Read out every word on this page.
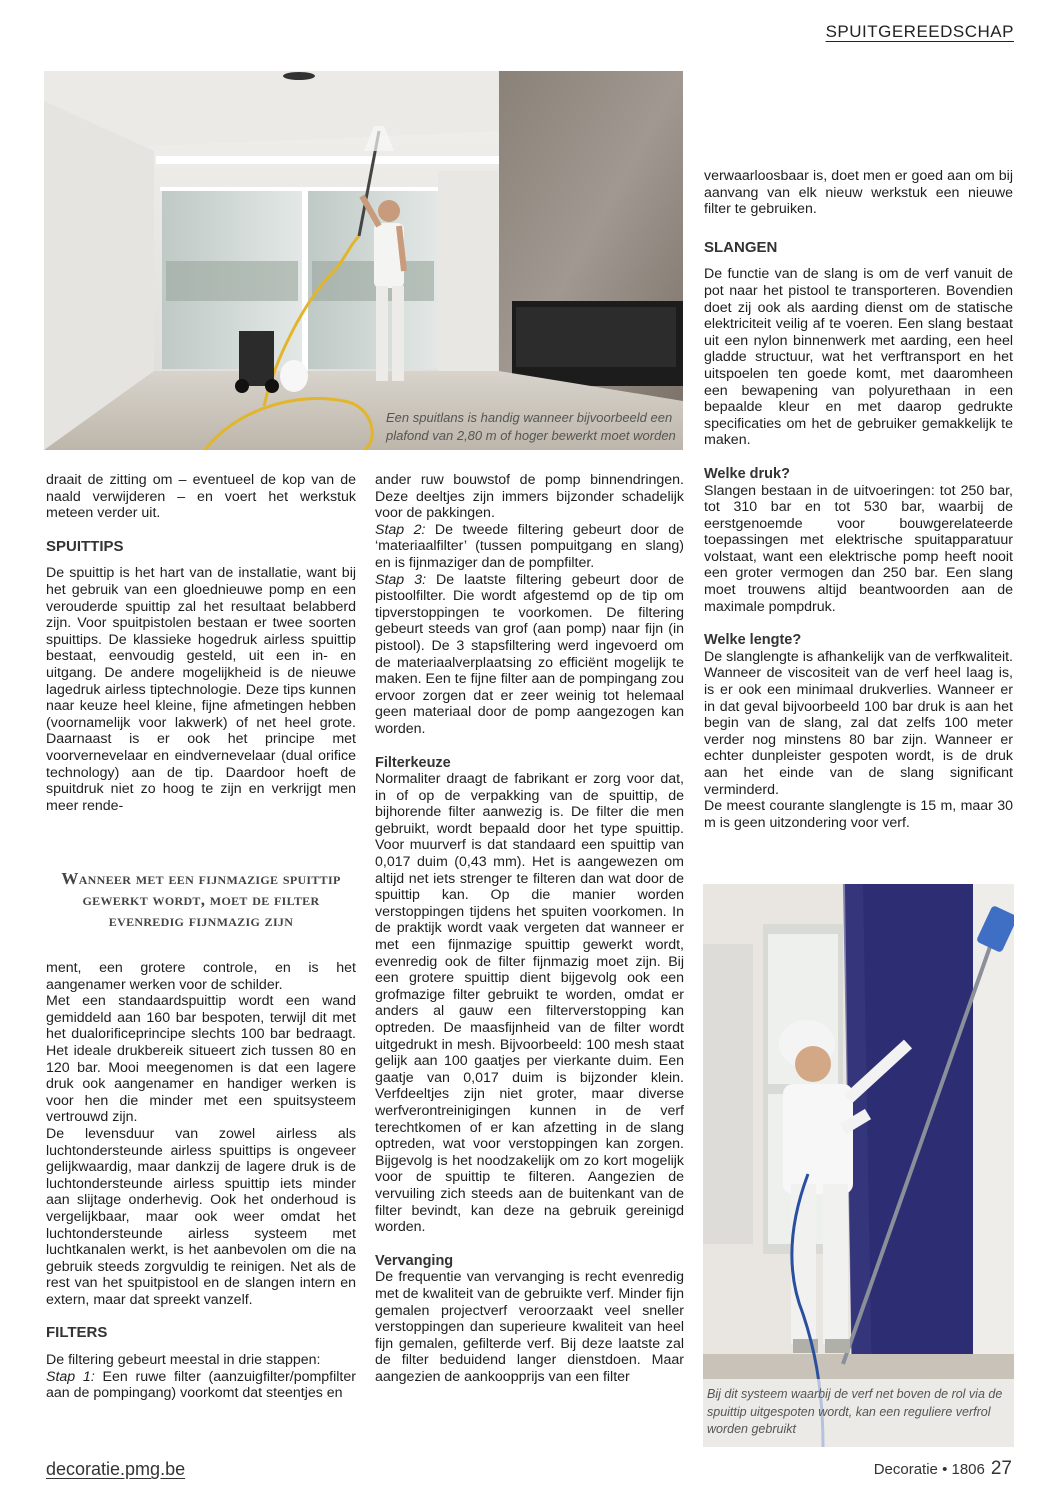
SPUITGEREEDSCHAP
Een spuitlans is handig wanneer bijvoorbeeld een plafond van 2,80 m of hoger bewerkt moet worden

draait de zitting om – eventueel de kop van de naald verwijderen – en voert het werkstuk meteen verder uit.

SPUITTIPS

De spuittip is het hart van de installatie, want bij het gebruik van een gloednieuwe pomp en een verouderde spuittip zal het resultaat belabberd zijn. Voor spuitpistolen bestaan er twee soorten spuittips. De klassieke hogedruk airless spuittip bestaat, eenvoudig gesteld, uit een in- en uitgang. De andere mogelijkheid is de nieuwe lagedruk airless tiptechnologie. Deze tips kunnen naar keuze heel kleine, fijne afmetingen hebben (voornamelijk voor lakwerk) of net heel grote. Daarnaast is er ook het principe met voorvernevelaar en eindvernevelaar (dual orifice technology) aan de tip. Daardoor hoeft de spuitdruk niet zo hoog te zijn en verkrijgt men meer rende-

Wanneer met een fijnmazige spuittip gewerkt wordt, moet de filter evenredig fijnmazig zijn

ment, een grotere controle, en is het aangenamer werken voor de schilder.

Met een standaardspuittip wordt een wand gemiddeld aan 160 bar bespoten, terwijl dit met het dualorificeprincipe slechts 100 bar bedraagt. Het ideale drukbereik situeert zich tussen 80 en 120 bar. Mooi meegenomen is dat een lagere druk ook aangenamer en handiger werken is voor hen die minder met een spuitsysteem vertrouwd zijn.

De levensduur van zowel airless als luchtondersteunde airless spuittips is ongeveer gelijkwaardig, maar dankzij de lagere druk is de luchtondersteunde airless spuittip iets minder aan slijtage onderhevig. Ook het onderhoud is vergelijkbaar, maar ook weer omdat het luchtondersteunde airless systeem met luchtkanalen werkt, is het aanbevolen om die na gebruik steeds zorgvuldig te reinigen. Net als de rest van het spuitpistool en de slangen intern en extern, maar dat spreekt vanzelf.

FILTERS

De filtering gebeurt meestal in drie stappen:

Stap 1: Een ruwe filter (aanzuigfilter/pompfilter aan de pompingang) voorkomt dat steentjes en

ander ruw bouwstof de pomp binnendringen. Deze deeltjes zijn immers bijzonder schadelijk voor de pakkingen.

Stap 2: De tweede filtering gebeurt door de ‘materiaalfilter’ (tussen pompuitgang en slang) en is fijnmaziger dan de pompfilter.

Stap 3: De laatste filtering gebeurt door de pistoolfilter. Die wordt afgestemd op de tip om tipverstoppingen te voorkomen. De filtering gebeurt steeds van grof (aan pomp) naar fijn (in pistool). De 3 stapsfiltering werd ingevoerd om de materiaalverplaatsing zo efficiënt mogelijk te maken. Een te fijne filter aan de pompingang zou ervoor zorgen dat er zeer weinig tot helemaal geen materiaal door de pomp aangezogen kan worden.

Filterkeuze

Normaliter draagt de fabrikant er zorg voor dat, in of op de verpakking van de spuittip, de bijhorende filter aanwezig is. De filter die men gebruikt, wordt bepaald door het type spuittip. Voor muurverf is dat standaard een spuittip van 0,017 duim (0,43 mm). Het is aangewezen om altijd net iets strenger te filteren dan wat door de spuittip kan. Op die manier worden verstoppingen tijdens het spuiten voorkomen. In de praktijk wordt vaak vergeten dat wanneer er met een fijnmazige spuittip gewerkt wordt, evenredig ook de filter fijnmazig moet zijn. Bij een grotere spuittip dient bijgevolg ook een grofmazige filter gebruikt te worden, omdat er anders al gauw een filterverstopping kan optreden. De maasfijnheid van de filter wordt uitgedrukt in mesh. Bijvoorbeeld: 100 mesh staat gelijk aan 100 gaatjes per vierkante duim. Een gaatje van 0,017 duim is bijzonder klein. Verfdeeltjes zijn niet groter, maar diverse werfverontreinigingen kunnen in de verf terechtkomen of er kan afzetting in de slang optreden, wat voor verstoppingen kan zorgen. Bijgevolg is het noodzakelijk om zo kort mogelijk voor de spuittip te filteren. Aangezien de vervuiling zich steeds aan de buitenkant van de filter bevindt, kan deze na gebruik gereinigd worden.

Vervanging

De frequentie van vervanging is recht evenredig met de kwaliteit van de gebruikte verf. Minder fijn gemalen projectverf veroorzaakt veel sneller verstoppingen dan superieure kwaliteit van heel fijn gemalen, gefilterde verf. Bij deze laatste zal de filter beduidend langer dienstdoen. Maar aangezien de aankoopprijs van een filter

verwaarloosbaar is, doet men er goed aan om bij aanvang van elk nieuw werkstuk een nieuwe filter te gebruiken.

SLANGEN

De functie van de slang is om de verf vanuit de pot naar het pistool te transporteren. Bovendien doet zij ook als aarding dienst om de statische elektriciteit veilig af te voeren. Een slang bestaat uit een nylon binnenwerk met aarding, een heel gladde structuur, wat het verftransport en het uitspoelen ten goede komt, met daaromheen een bewapening van polyurethaan in een bepaalde kleur en met daarop gedrukte specificaties om het de gebruiker gemakkelijk te maken.

Welke druk?

Slangen bestaan in de uitvoeringen: tot 250 bar, tot 310 bar en tot 530 bar, waarbij de eerstgenoemde voor bouwgerelateerde toepassingen met elektrische spuitapparatuur volstaat, want een elektrische pomp heeft nooit een groter vermogen dan 250 bar. Een slang moet trouwens altijd beantwoorden aan de maximale pompdruk.

Welke lengte?

De slanglengte is afhankelijk van de verfkwaliteit. Wanneer de viscositeit van de verf heel laag is, is er ook een minimaal drukverlies. Wanneer er in dat geval bijvoorbeeld 100 bar druk is aan het begin van de slang, zal dat zelfs 100 meter verder nog minstens 80 bar zijn. Wanneer er echter dunpleister gespoten wordt, is de druk aan het einde van de slang significant verminderd.

De meest courante slanglengte is 15 m, maar 30 m is geen uitzondering voor verf.

Bij dit systeem waarbij de verf net boven de rol via de spuittip uitgespoten wordt, kan een reguliere verfrol worden gebruikt
decoratie.pmg.be	Decoratie • 1806 27
